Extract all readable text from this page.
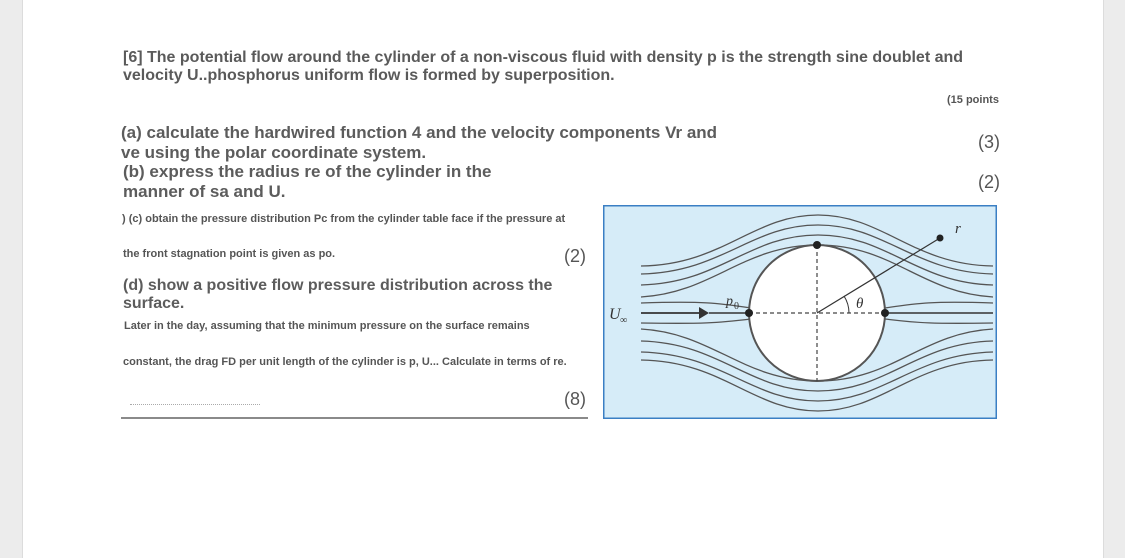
[6] The potential flow around the cylinder of a non-viscous fluid with density p is the strength sine doublet and
velocity U..phosphorus uniform flow is formed by superposition.
(15 points
(a) calculate the hardwired function 4 and the velocity components Vr and
ve using the polar coordinate system.	(3)
(b) express the radius re of the cylinder in the
manner of sa and U.	(2)
) (c) obtain the pressure distribution Pc from the cylinder table face if the pressure at
the front stagnation point is given as po.	(2)
(d) show a positive flow pressure distribution across the
surface.
Later in the day, assuming that the minimum pressure on the surface remains
constant, the drag FD per unit length of the cylinder is p, U... Calculate in terms of re.
(8)
r
θ
p 0
U ∞
